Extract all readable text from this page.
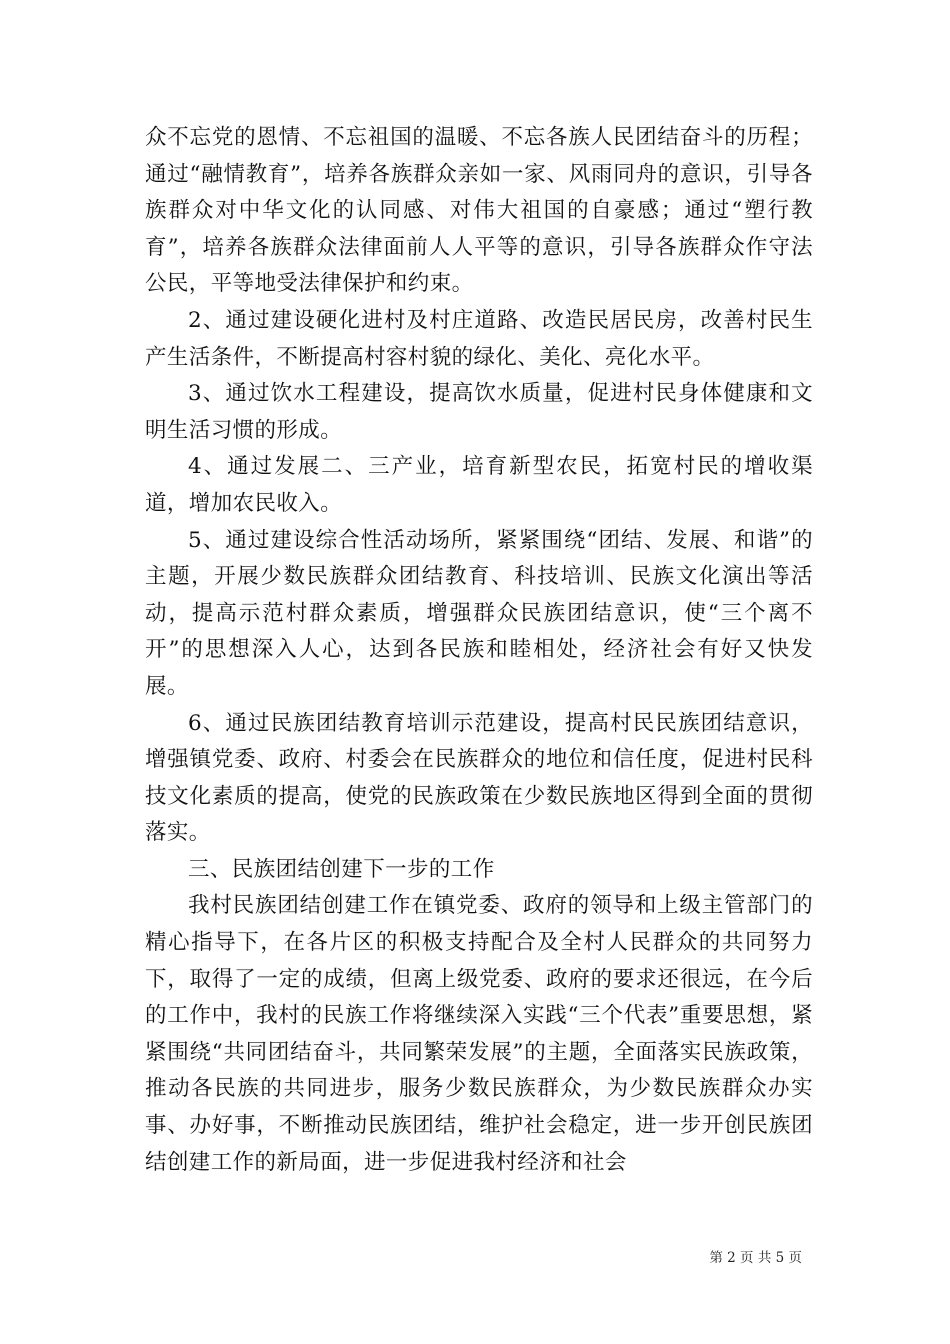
众不忘党的恩情、不忘祖国的温暖、不忘各族人民团结奋斗的历程；通过“融情教育”，培养各族群众亲如一家、风雨同舟的意识，引导各族群众对中华文化的认同感、对伟大祖国的自豪感；通过“塑行教育”，培养各族群众法律面前人人平等的意识，引导各族群众作守法公民，平等地受法律保护和约束。

2、通过建设硬化进村及村庄道路、改造民居民房，改善村民生产生活条件，不断提高村容村貌的绿化、美化、亮化水平。

3、通过饮水工程建设，提高饮水质量，促进村民身体健康和文明生活习惯的形成。

4、通过发展二、三产业，培育新型农民，拓宽村民的增收渠道，增加农民收入。

5、通过建设综合性活动场所，紧紧围绕“团结、发展、和谐”的主题，开展少数民族群众团结教育、科技培训、民族文化演出等活动，提高示范村群众素质，增强群众民族团结意识，使“三个离不开”的思想深入人心，达到各民族和睦相处，经济社会有好又快发展。

6、通过民族团结教育培训示范建设，提高村民民族团结意识，增强镇党委、政府、村委会在民族群众的地位和信任度，促进村民科技文化素质的提高，使党的民族政策在少数民族地区得到全面的贯彻落实。

三、民族团结创建下一步的工作

我村民族团结创建工作在镇党委、政府的领导和上级主管部门的精心指导下，在各片区的积极支持配合及全村人民群众的共同努力下，取得了一定的成绩，但离上级党委、政府的要求还很远，在今后的工作中，我村的民族工作将继续深入实践“三个代表”重要思想，紧紧围绕“共同团结奋斗，共同繁荣发展”的主题，全面落实民族政策，推动各民族的共同进步，服务少数民族群众，为少数民族群众办实事、办好事，不断推动民族团结，维护社会稳定，进一步开创民族团结创建工作的新局面，进一步促进我村经济和社会

第 2 页 共 5 页
